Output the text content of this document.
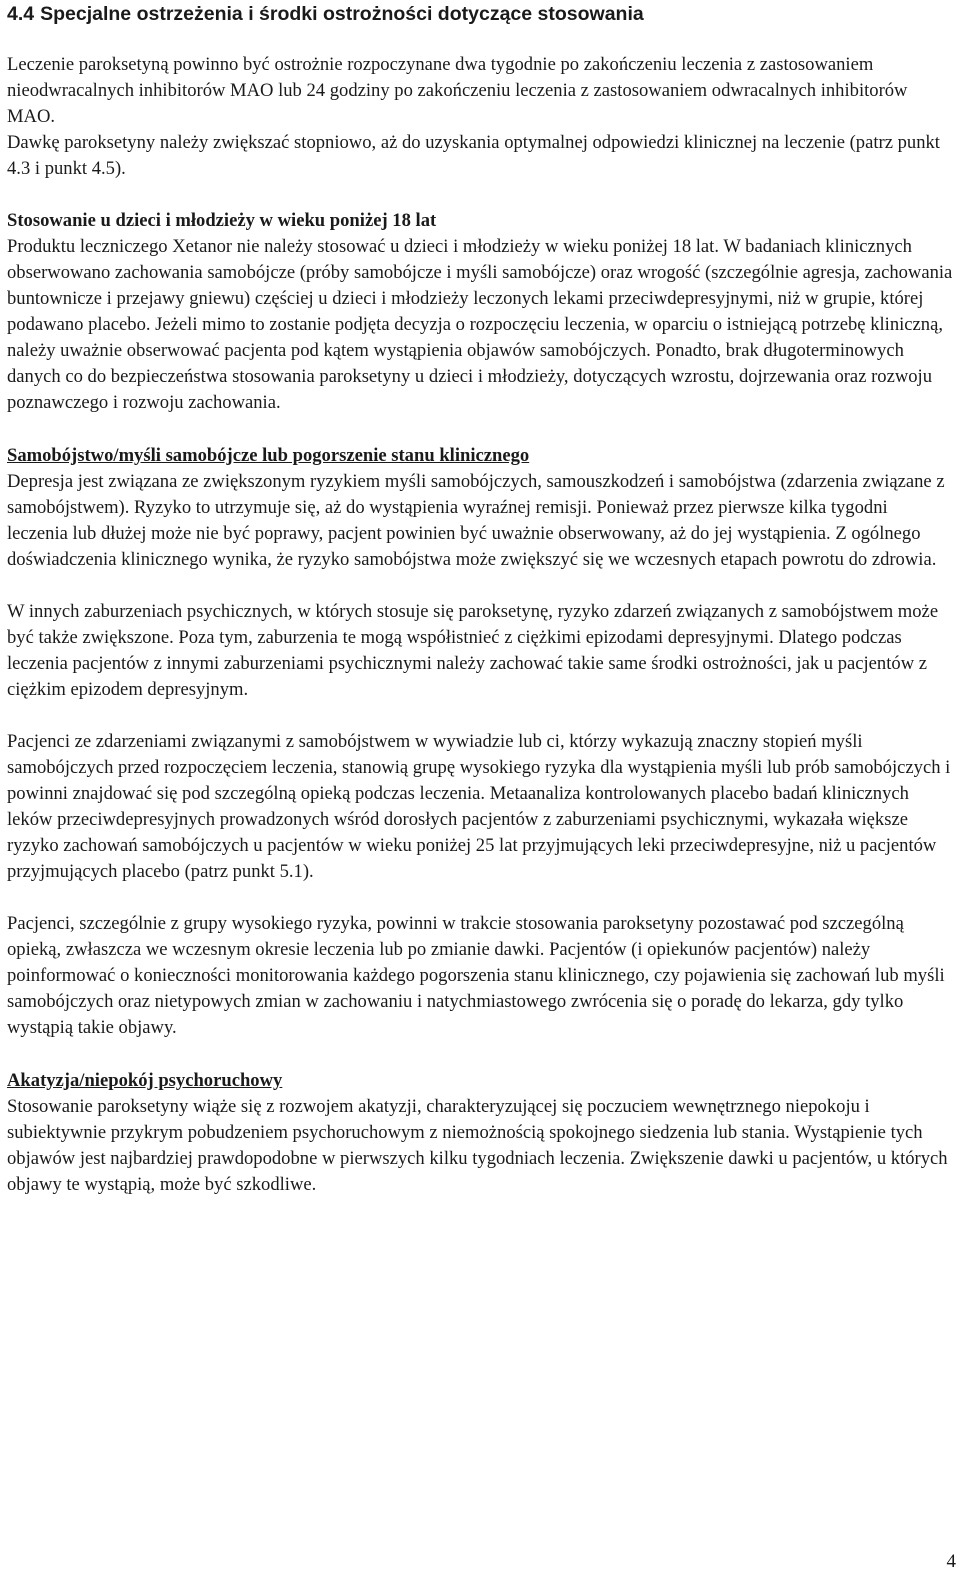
4.4 Specjalne ostrzeżenia i środki ostrożności dotyczące stosowania

Leczenie paroksetyną powinno być ostrożnie rozpoczynane dwa tygodnie po zakończeniu leczenia z zastosowaniem nieodwracalnych inhibitorów MAO lub 24 godziny po zakończeniu leczenia z zastosowaniem odwracalnych inhibitorów MAO.

Dawkę paroksetyny należy zwiększać stopniowo, aż do uzyskania optymalnej odpowiedzi klinicznej na leczenie (patrz punkt 4.3 i punkt 4.5).

Stosowanie u dzieci i młodzieży w wieku poniżej 18 lat

Produktu leczniczego Xetanor nie należy stosować u dzieci i młodzieży w wieku poniżej 18 lat. W badaniach klinicznych obserwowano zachowania samobójcze (próby samobójcze i myśli samobójcze) oraz wrogość (szczególnie agresja, zachowania buntownicze i przejawy gniewu) częściej u dzieci i młodzieży leczonych lekami przeciwdepresyjnymi, niż w grupie, której podawano placebo. Jeżeli mimo to zostanie podjęta decyzja o rozpoczęciu leczenia, w oparciu o istniejącą potrzebę kliniczną, należy uważnie obserwować pacjenta pod kątem wystąpienia objawów samobójczych. Ponadto, brak długoterminowych danych co do bezpieczeństwa stosowania paroksetyny u dzieci i młodzieży, dotyczących wzrostu, dojrzewania oraz rozwoju poznawczego i rozwoju zachowania.

Samobójstwo/myśli samobójcze lub pogorszenie stanu klinicznego

Depresja jest związana ze zwiększonym ryzykiem myśli samobójczych, samouszkodzeń i samobójstwa (zdarzenia związane z samobójstwem). Ryzyko to utrzymuje się, aż do wystąpienia wyraźnej remisji. Ponieważ przez pierwsze kilka tygodni leczenia lub dłużej może nie być poprawy, pacjent powinien być uważnie obserwowany, aż do jej wystąpienia. Z ogólnego doświadczenia klinicznego wynika, że ryzyko samobójstwa może zwiększyć się we wczesnych etapach powrotu do zdrowia.

W innych zaburzeniach psychicznych, w których stosuje się paroksetynę, ryzyko zdarzeń związanych z samobójstwem może być także zwiększone. Poza tym, zaburzenia te mogą współistnieć z ciężkimi epizodami depresyjnymi. Dlatego podczas leczenia pacjentów z innymi zaburzeniami psychicznymi należy zachować takie same środki ostrożności, jak u pacjentów z ciężkim epizodem depresyjnym.

Pacjenci ze zdarzeniami związanymi z samobójstwem w wywiadzie lub ci, którzy wykazują znaczny stopień myśli samobójczych przed rozpoczęciem leczenia, stanowią grupę wysokiego ryzyka dla wystąpienia myśli lub prób samobójczych i powinni znajdować się pod szczególną opieką podczas leczenia. Metaanaliza kontrolowanych placebo badań klinicznych leków przeciwdepresyjnych prowadzonych wśród dorosłych pacjentów z zaburzeniami psychicznymi, wykazała większe ryzyko zachowań samobójczych u pacjentów w wieku poniżej 25 lat przyjmujących leki przeciwdepresyjne, niż u pacjentów przyjmujących placebo (patrz punkt 5.1).

Pacjenci, szczególnie z grupy wysokiego ryzyka, powinni w trakcie stosowania paroksetyny pozostawać pod szczególną opieką, zwłaszcza we wczesnym okresie leczenia lub po zmianie dawki. Pacjentów (i opiekunów pacjentów) należy poinformować o konieczności monitorowania każdego pogorszenia stanu klinicznego, czy pojawienia się zachowań lub myśli samobójczych oraz nietypowych zmian w zachowaniu i natychmiastowego zwrócenia się o poradę do lekarza, gdy tylko wystąpią takie objawy.

Akatyzja/niepokój psychoruchowy

Stosowanie paroksetyny wiąże się z rozwojem akatyzji, charakteryzującej się poczuciem wewnętrznego niepokoju i subiektywnie przykrym pobudzeniem psychoruchowym z niemożnością spokojnego siedzenia lub stania. Wystąpienie tych objawów jest najbardziej prawdopodobne w pierwszych kilku tygodniach leczenia. Zwiększenie dawki u pacjentów, u których objawy te wystąpią, może być szkodliwe.

4
